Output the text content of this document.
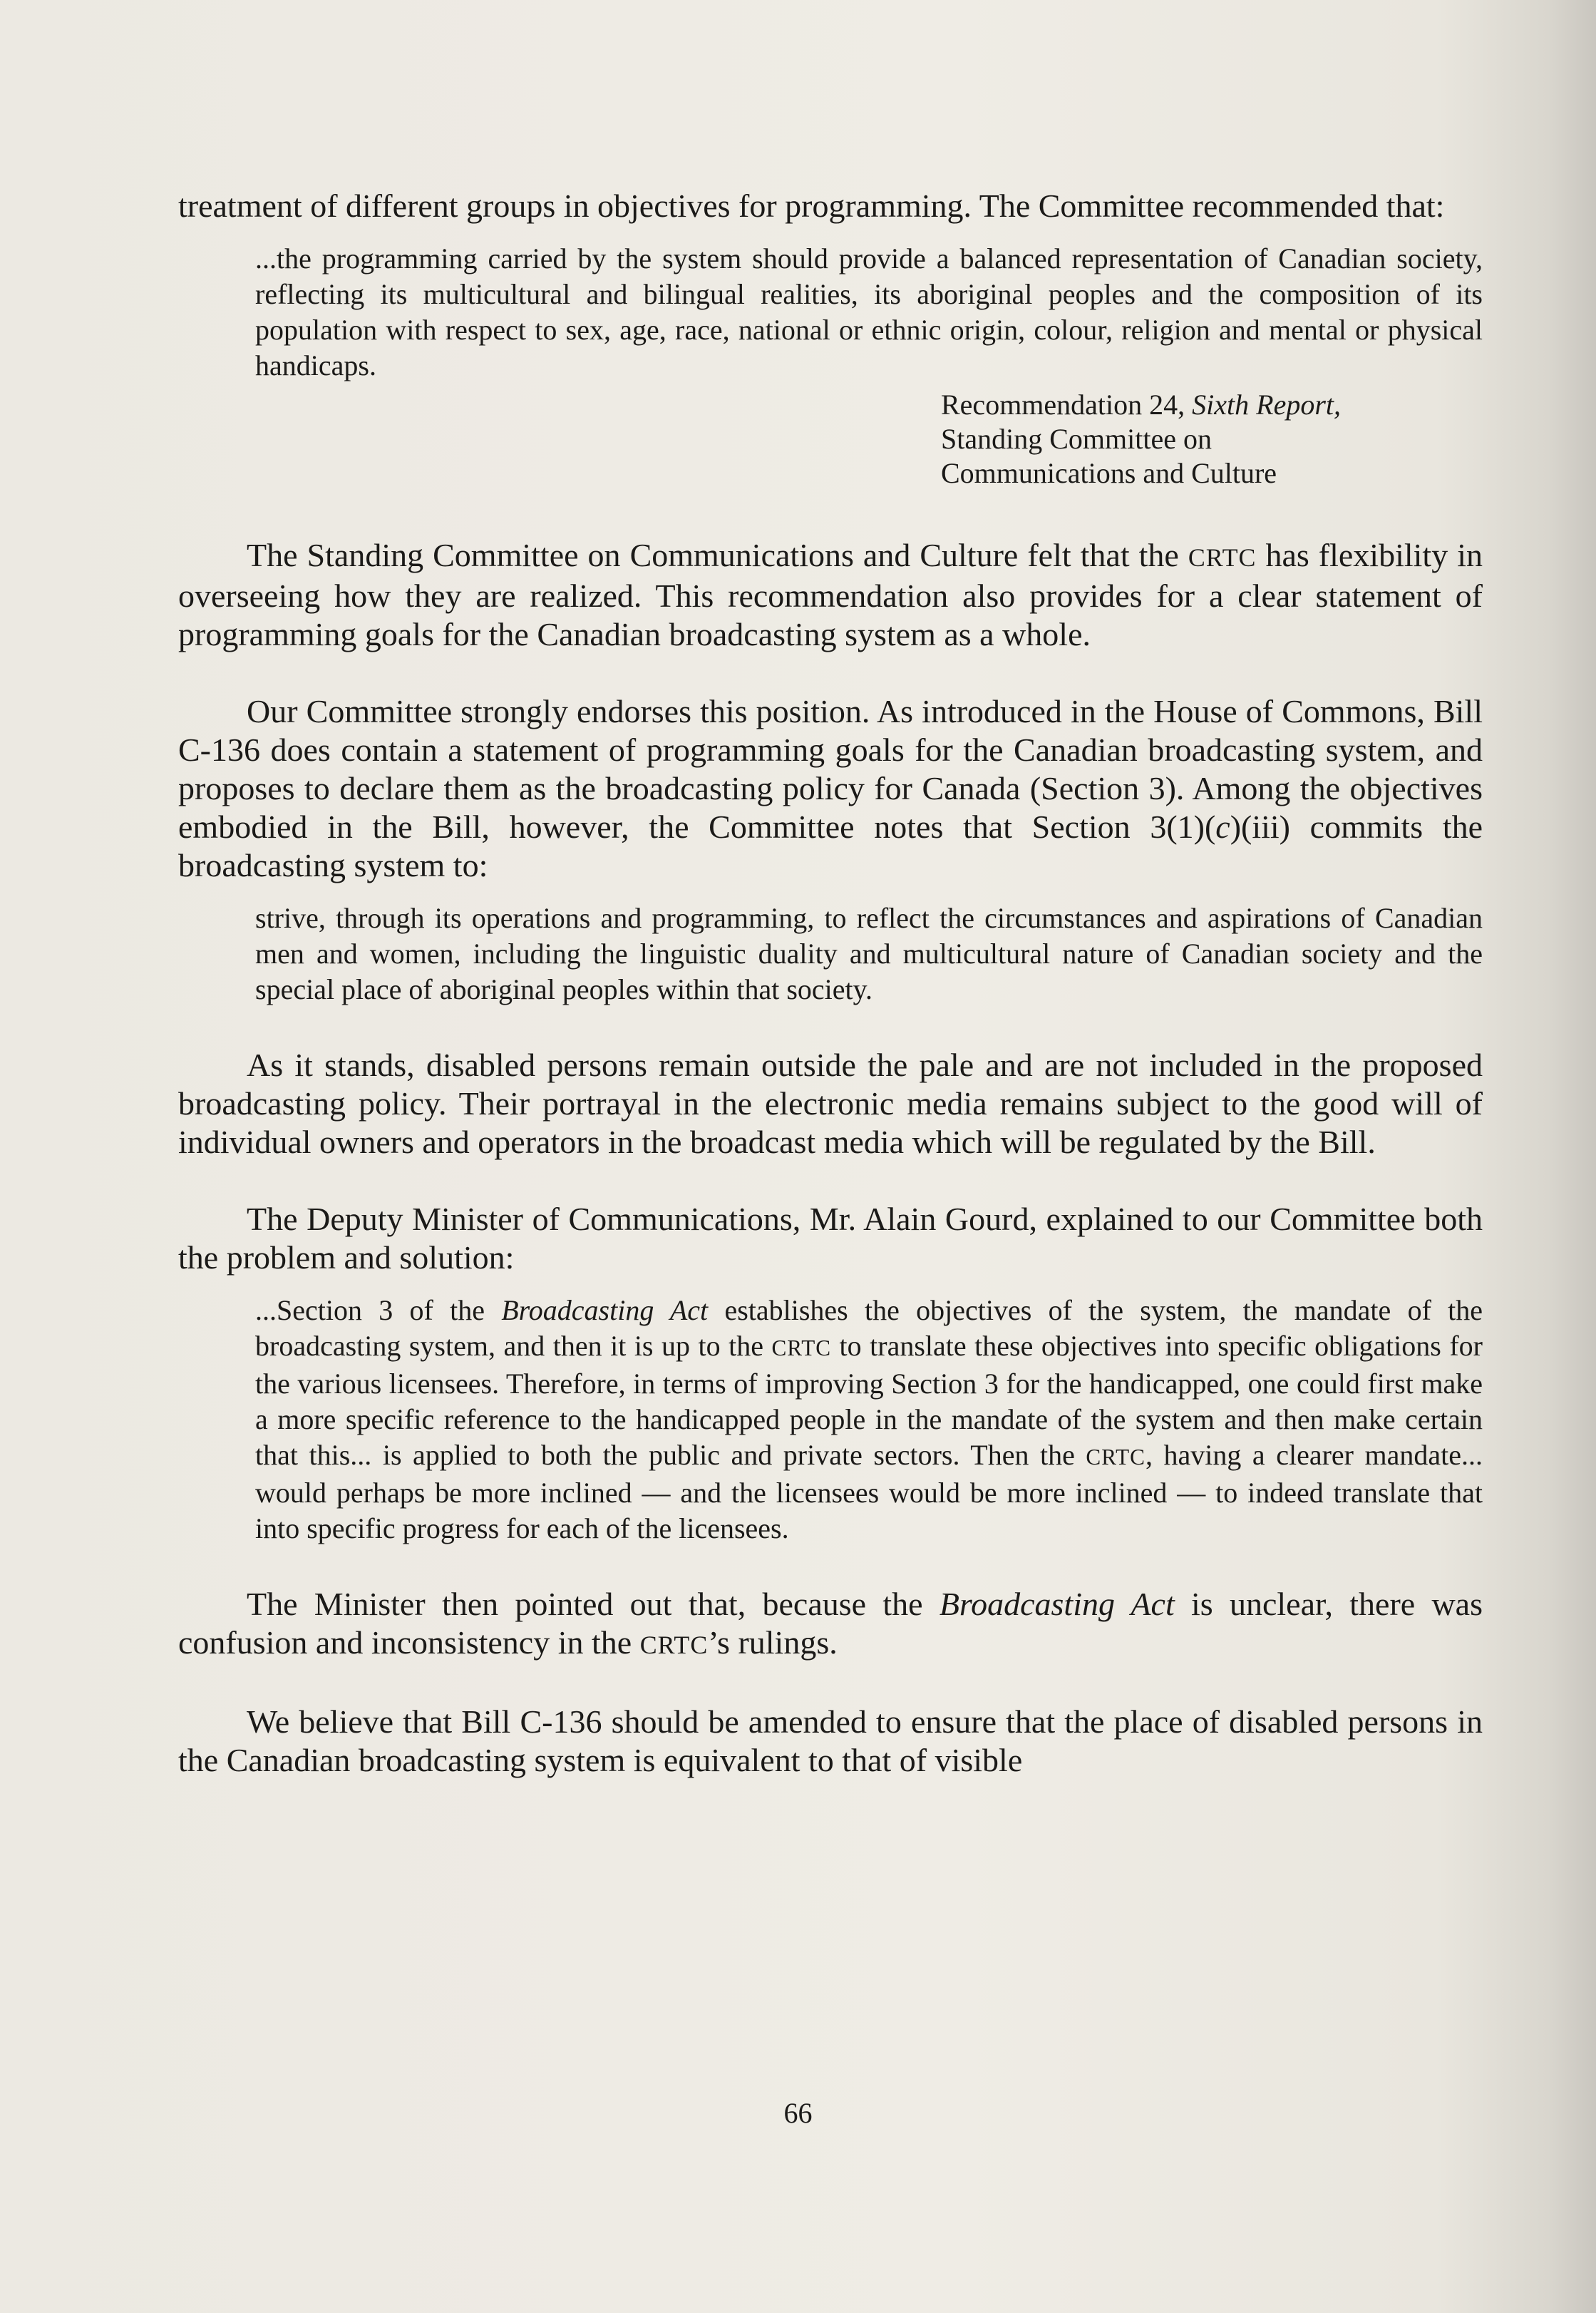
treatment of different groups in objectives for programming. The Committee recommended that:

...the programming carried by the system should provide a balanced representation of Canadian society, reflecting its multicultural and bilingual realities, its aboriginal peoples and the composition of its population with respect to sex, age, race, national or ethnic origin, colour, religion and mental or physical handicaps.

Recommendation 24, Sixth Report,
Standing Committee on
Communications and Culture

The Standing Committee on Communications and Culture felt that the CRTC has flexibility in overseeing how they are realized. This recommendation also provides for a clear statement of programming goals for the Canadian broadcasting system as a whole.

Our Committee strongly endorses this position. As introduced in the House of Commons, Bill C-136 does contain a statement of programming goals for the Canadian broadcasting system, and proposes to declare them as the broadcasting policy for Canada (Section 3). Among the objectives embodied in the Bill, however, the Committee notes that Section 3(1)(c)(iii) commits the broadcasting system to:

strive, through its operations and programming, to reflect the circumstances and aspirations of Canadian men and women, including the linguistic duality and multicultural nature of Canadian society and the special place of aboriginal peoples within that society.

As it stands, disabled persons remain outside the pale and are not included in the proposed broadcasting policy. Their portrayal in the electronic media remains subject to the good will of individual owners and operators in the broadcast media which will be regulated by the Bill.

The Deputy Minister of Communications, Mr. Alain Gourd, explained to our Committee both the problem and solution:

...Section 3 of the Broadcasting Act establishes the objectives of the system, the mandate of the broadcasting system, and then it is up to the CRTC to translate these objectives into specific obligations for the various licensees. Therefore, in terms of improving Section 3 for the handicapped, one could first make a more specific reference to the handicapped people in the mandate of the system and then make certain that this... is applied to both the public and private sectors. Then the CRTC, having a clearer mandate... would perhaps be more inclined — and the licensees would be more inclined — to indeed translate that into specific progress for each of the licensees.

The Minister then pointed out that, because the Broadcasting Act is unclear, there was confusion and inconsistency in the CRTC’s rulings.

We believe that Bill C-136 should be amended to ensure that the place of disabled persons in the Canadian broadcasting system is equivalent to that of visible

66
